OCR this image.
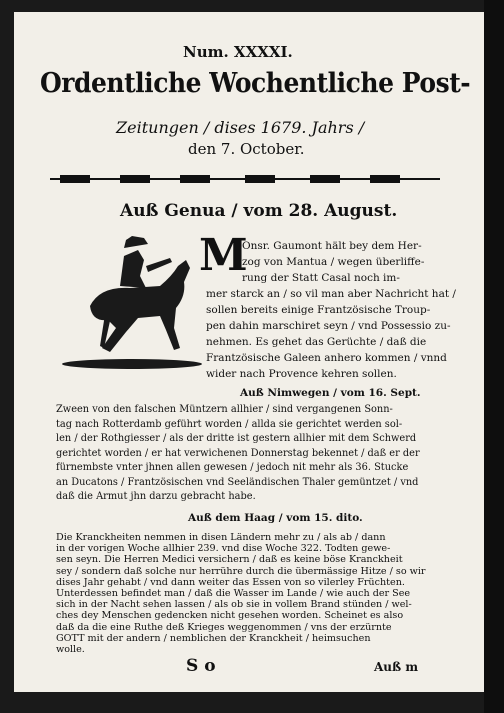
Num. XXXXI.

Ordentliche Wochentliche Post-

Zeitungen / dises 1679. Jahrs /

den 7. October.

Auß Genua / vom 28. August.

M

Onsr. Gaumont hält bey dem Her-

zog von Mantua / wegen überliffe-

rung der Statt Casal noch im-

mer starck an / so vil man aber Nachricht hat /

sollen bereits einige Frantzösische Troup-

pen dahin marschiret seyn / vnd Possessio zu-

nehmen. Es gehet das Gerüchte / daß die

Frantzösische Galeen anhero kommen / vnnd

wider nach Provence kehren sollen.

Auß Nimwegen / vom 16. Sept.

Zween von den falschen Müntzern allhier / sind vergangenen Sonn-

tag nach Rotterdamb geführt worden / allda sie gerichtet werden sol-

len / der Rothgiesser / als der dritte ist gestern allhier mit dem Schwerd

gerichtet worden / er hat verwichenen Donnerstag bekennet / daß er der

fürnembste vnter jhnen allen gewesen / jedoch nit mehr als 36. Stucke

an Ducatons / Frantzösischen vnd Seeländischen Thaler gemüntzet / vnd

daß die Armut jhn darzu gebracht habe.

Auß dem Haag / vom 15. dito.

Die Kranckheiten nemmen in disen Ländern mehr zu / als ab / dann

in der vorigen Woche allhier 239. vnd dise Woche 322. Todten gewe-

sen seyn. Die Herren Medici versichern / daß es keine böse Kranckheit

sey / sondern daß solche nur herrühre durch die übermässige Hitze / so wir

dises Jahr gehabt / vnd dann weiter das Essen von so vilerley Früchten.

Unterdessen befindet man / daß die Wasser im Lande / wie auch der See

sich in der Nacht sehen lassen / als ob sie in vollem Brand stünden / wel-

ches dey Menschen gedencken nicht gesehen worden. Scheinet es also

daß da die eine Ruthe deß Krieges weggenommen / vns der erzürnte

GOTT mit der andern / nemblichen der Kranckheit / heimsuchen

wolle.

S o	Auß m
